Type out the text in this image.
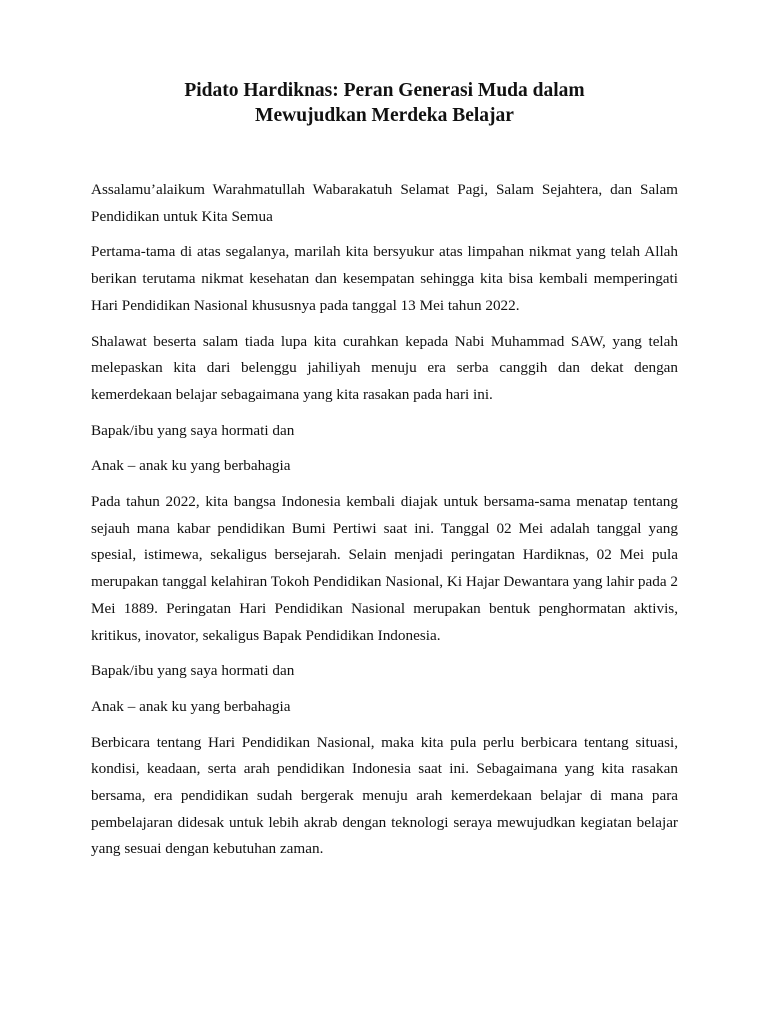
Pidato Hardiknas: Peran Generasi Muda dalam
Mewujudkan Merdeka Belajar

Assalamu’alaikum Warahmatullah Wabarakatuh Selamat Pagi, Salam Sejahtera, dan Salam Pendidikan untuk Kita Semua

Pertama-tama di atas segalanya, marilah kita bersyukur atas limpahan nikmat yang telah Allah berikan terutama nikmat kesehatan dan kesempatan sehingga kita bisa kembali memperingati Hari Pendidikan Nasional khususnya pada tanggal 13 Mei tahun 2022.

Shalawat beserta salam tiada lupa kita curahkan kepada Nabi Muhammad SAW, yang telah melepaskan kita dari belenggu jahiliyah menuju era serba canggih dan dekat dengan kemerdekaan belajar sebagaimana yang kita rasakan pada hari ini.

Bapak/ibu yang saya hormati dan

Anak – anak ku yang berbahagia

Pada tahun 2022, kita bangsa Indonesia kembali diajak untuk bersama-sama menatap tentang sejauh mana kabar pendidikan Bumi Pertiwi saat ini. Tanggal 02 Mei adalah tanggal yang spesial, istimewa, sekaligus bersejarah. Selain menjadi peringatan Hardiknas, 02 Mei pula merupakan tanggal kelahiran Tokoh Pendidikan Nasional, Ki Hajar Dewantara yang lahir pada 2 Mei 1889. Peringatan Hari Pendidikan Nasional merupakan bentuk penghormatan aktivis, kritikus, inovator, sekaligus Bapak Pendidikan Indonesia.

Bapak/ibu yang saya hormati dan

Anak – anak ku yang berbahagia

Berbicara tentang Hari Pendidikan Nasional, maka kita pula perlu berbicara tentang situasi, kondisi, keadaan, serta arah pendidikan Indonesia saat ini. Sebagaimana yang kita rasakan bersama, era pendidikan sudah bergerak menuju arah kemerdekaan belajar di mana para pembelajaran didesak untuk lebih akrab dengan teknologi seraya mewujudkan kegiatan belajar yang sesuai dengan kebutuhan zaman.
